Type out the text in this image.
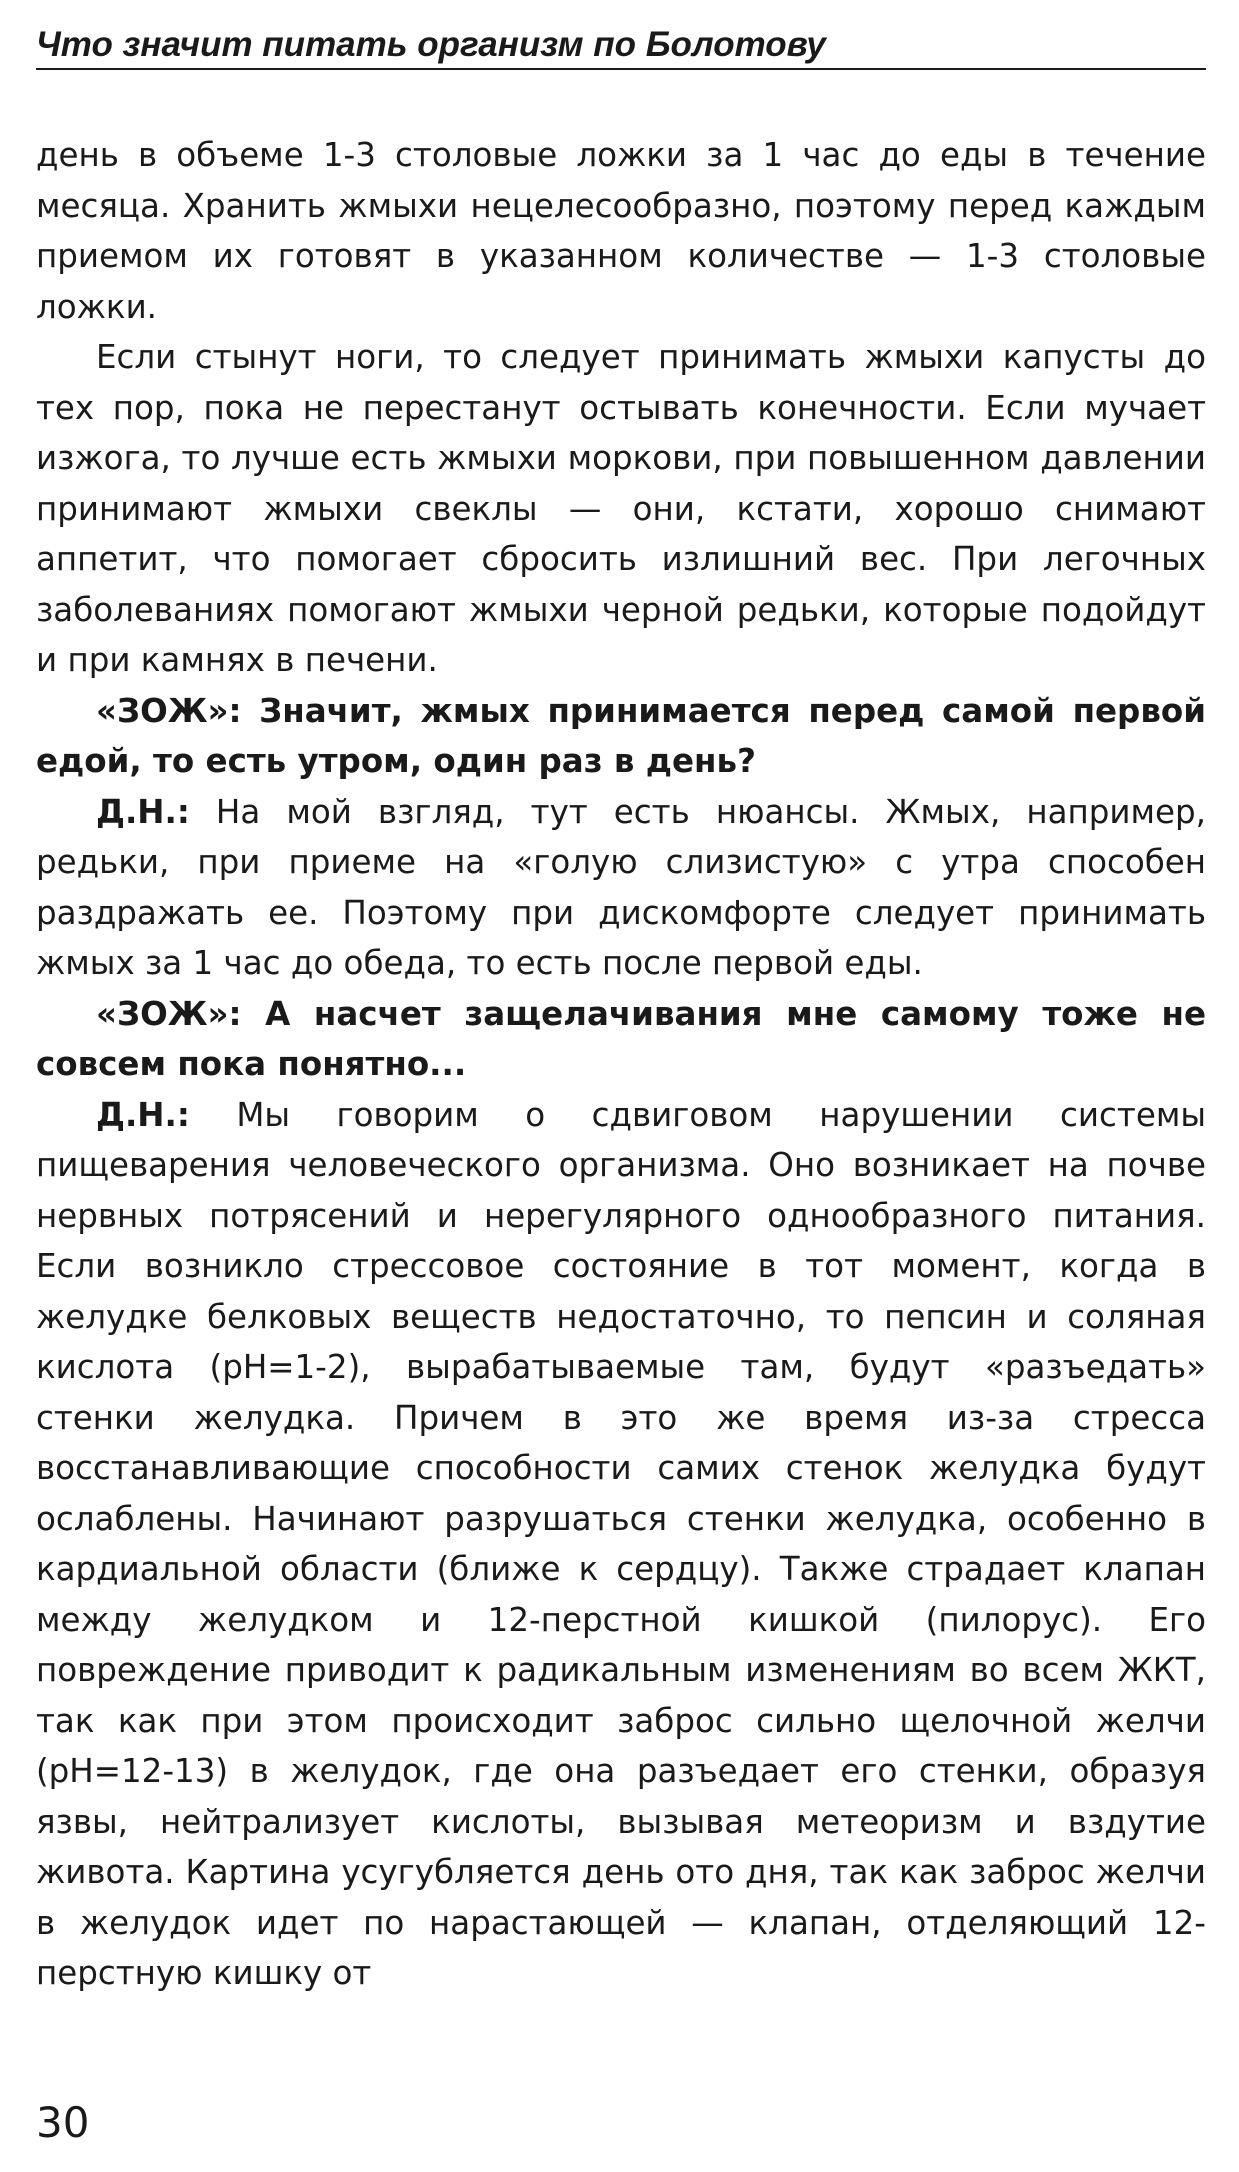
Что значит питать организм по Болотову

день в объеме 1-3 столовые ложки за 1 час до еды в течение месяца. Хранить жмыхи нецелесообразно, поэтому перед каждым приемом их готовят в указанном количестве — 1-3 столовые ложки.

Если стынут ноги, то следует принимать жмыхи капусты до тех пор, пока не перестанут остывать конечности. Если мучает изжога, то лучше есть жмыхи моркови, при повышенном давлении принимают жмыхи свеклы — они, кстати, хорошо снимают аппетит, что помогает сбросить излишний вес. При легочных заболеваниях помогают жмыхи черной редьки, которые подойдут и при камнях в печени.

«ЗОЖ»: Значит, жмых принимается перед самой первой едой, то есть утром, один раз в день?

Д.Н.: На мой взгляд, тут есть нюансы. Жмых, например, редьки, при приеме на «голую слизистую» с утра способен раздражать ее. Поэтому при дискомфорте следует принимать жмых за 1 час до обеда, то есть после первой еды.

«ЗОЖ»: А насчет защелачивания мне самому тоже не совсем пока понятно...

Д.Н.: Мы говорим о сдвиговом нарушении системы пищеварения человеческого организма. Оно возникает на почве нервных потрясений и нерегулярного однообразного питания. Если возникло стрессовое состояние в тот момент, когда в желудке белковых веществ недостаточно, то пепсин и соляная кислота (pH=1-2), вырабатываемые там, будут «разъедать» стенки желудка. Причем в это же время из-за стресса восстанавливающие способности самих стенок желудка будут ослаблены. Начинают разрушаться стенки желудка, особенно в кардиальной области (ближе к сердцу). Также страдает клапан между желудком и 12-перстной кишкой (пилорус). Его повреждение приводит к радикальным изменениям во всем ЖКТ, так как при этом происходит заброс сильно щелочной желчи (pH=12-13) в желудок, где она разъедает его стенки, образуя язвы, нейтрализует кислоты, вызывая метеоризм и вздутие живота. Картина усугубляется день ото дня, так как заброс желчи в желудок идет по нарастающей — клапан, отделяющий 12-перстную кишку от

30
